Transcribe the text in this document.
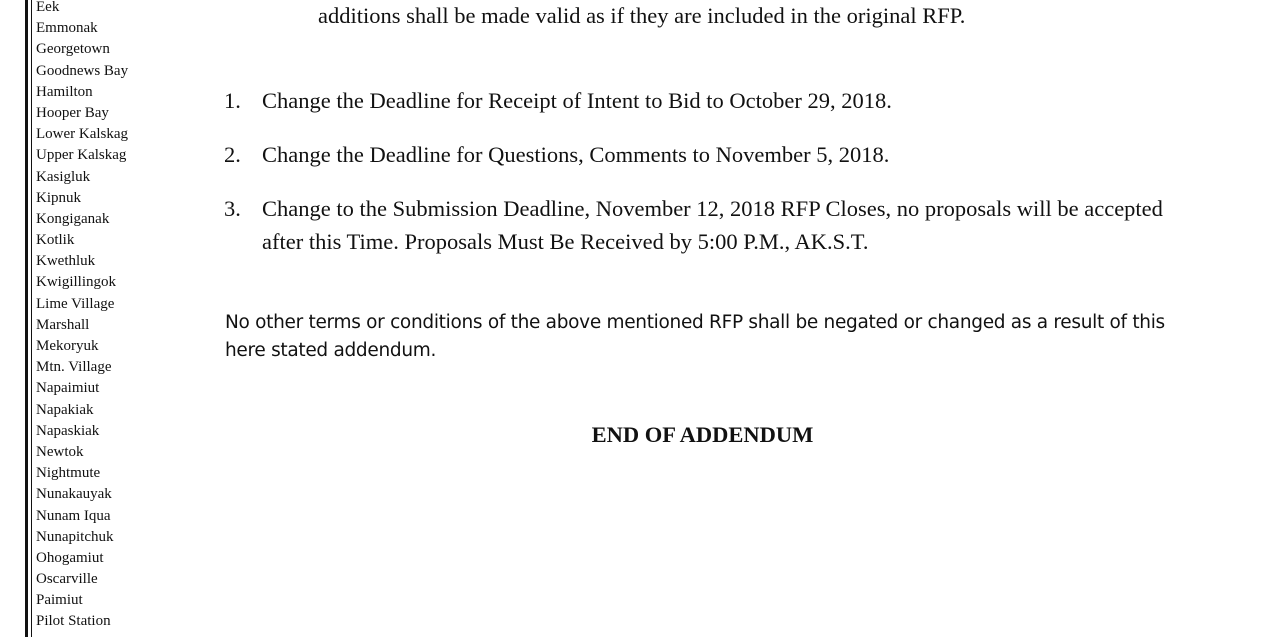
Eek
Emmonak
Georgetown
Goodnews Bay
Hamilton
Hooper Bay
Lower Kalskag
Upper Kalskag
Kasigluk
Kipnuk
Kongiganak
Kotlik
Kwethluk
Kwigillingok
Lime Village
Marshall
Mekoryuk
Mtn. Village
Napaimiut
Napakiak
Napaskiak
Newtok
Nightmute
Nunakauyak
Nunam Iqua
Nunapitchuk
Ohogamiut
Oscarville
Paimiut
Pilot Station
additions shall be made valid as if they are included in the original RFP.
1. Change the Deadline for Receipt of Intent to Bid to October 29, 2018.
2. Change the Deadline for Questions, Comments to November 5, 2018.
3. Change to the Submission Deadline, November 12, 2018 RFP Closes, no proposals will be accepted after this Time. Proposals Must Be Received by 5:00 P.M., AK.S.T.
No other terms or conditions of the above mentioned RFP shall be negated or changed as a result of this here stated addendum.
END OF ADDENDUM
